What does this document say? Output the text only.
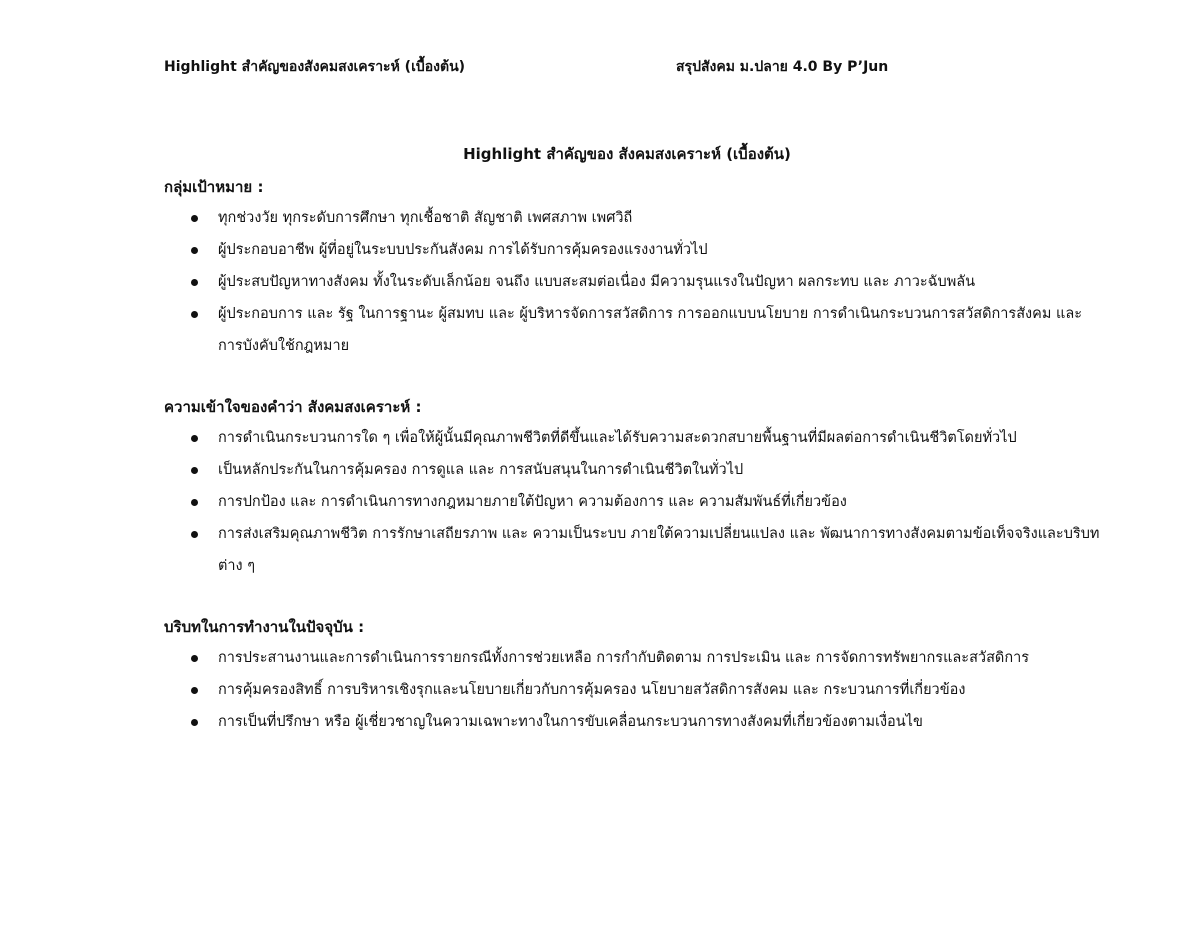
Highlight สำคัญของสังคมสงเคราะห์ (เบื้องต้น)	สรุปสังคม ม.ปลาย 4.0 By P’Jun
Highlight สำคัญของ สังคมสงเคราะห์ (เบื้องต้น)
กลุ่มเป้าหมาย :
ทุกช่วงวัย ทุกระดับการศึกษา ทุกเชื้อชาติ สัญชาติ เพศสภาพ เพศวิถี
ผู้ประกอบอาชีพ ผู้ที่อยู่ในระบบประกันสังคม การได้รับการคุ้มครองแรงงานทั่วไป
ผู้ประสบปัญหาทางสังคม ทั้งในระดับเล็กน้อย จนถึง แบบสะสมต่อเนื่อง มีความรุนแรงในปัญหา ผลกระทบ และ ภาวะฉับพลัน
ผู้ประกอบการ และ รัฐ ในการฐานะ ผู้สมทบ และ ผู้บริหารจัดการสวัสดิการ การออกแบบนโยบาย การดำเนินกระบวนการสวัสดิการสังคม และ การบังคับใช้กฎหมาย
ความเข้าใจของคำว่า สังคมสงเคราะห์ :
การดำเนินกระบวนการใด ๆ เพื่อให้ผู้นั้นมีคุณภาพชีวิตที่ดีขึ้นและได้รับความสะดวกสบายพื้นฐานที่มีผลต่อการดำเนินชีวิตโดยทั่วไป
เป็นหลักประกันในการคุ้มครอง การดูแล และ การสนับสนุนในการดำเนินชีวิตในทั่วไป
การปกป้อง และ การดำเนินการทางกฎหมายภายใต้ปัญหา ความต้องการ และ ความสัมพันธ์ที่เกี่ยวข้อง
การส่งเสริมคุณภาพชีวิต การรักษาเสถียรภาพ และ ความเป็นระบบ ภายใต้ความเปลี่ยนแปลง และ พัฒนาการทางสังคมตามข้อเท็จจริงและบริบทต่าง ๆ
บริบทในการทำงานในปัจจุบัน :
การประสานงานและการดำเนินการรายกรณีทั้งการช่วยเหลือ การกำกับติดตาม การประเมิน และ การจัดการทรัพยากรและสวัสดิการ
การคุ้มครองสิทธิ์ การบริหารเชิงรุกและนโยบายเกี่ยวกับการคุ้มครอง นโยบายสวัสดิการสังคม และ กระบวนการที่เกี่ยวข้อง
การเป็นที่ปรึกษา หรือ ผู้เชี่ยวชาญในความเฉพาะทางในการขับเคลื่อนกระบวนการทางสังคมที่เกี่ยวข้องตามเงื่อนไข
